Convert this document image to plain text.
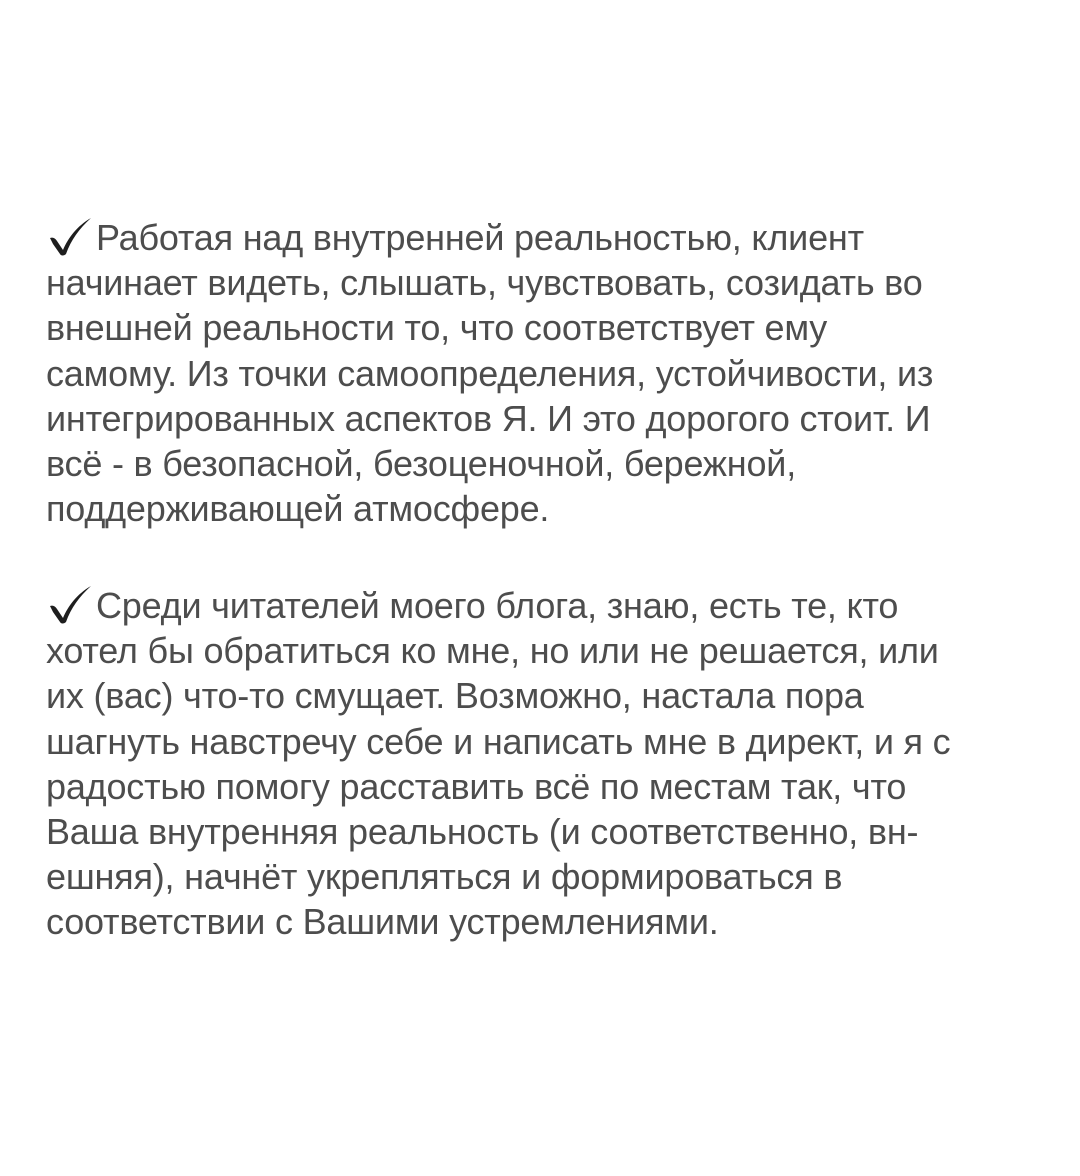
Работая над внутренней реальностью, клиент
начинает видеть, слышать, чувствовать, созидать во
внешней реальности то, что соответствует ему
самому. Из точки самоопределения, устойчивости, из
интегрированных аспектов Я. И это дорогого стоит. И
всё - в безопасной, безоценочной, бережной,
поддерживающей атмосфере.
Среди читателей моего блога, знаю, есть те, кто
хотел бы обратиться ко мне, но или не решается, или
их (вас) что-то смущает. Возможно, настала пора
шагнуть навстречу себе и написать мне в директ, и я с
радостью помогу расставить всё по местам так, что
Ваша внутренняя реальность (и соответственно, вн-
ешняя), начнёт укрепляться и формироваться в
соответствии с Вашими устремлениями.
